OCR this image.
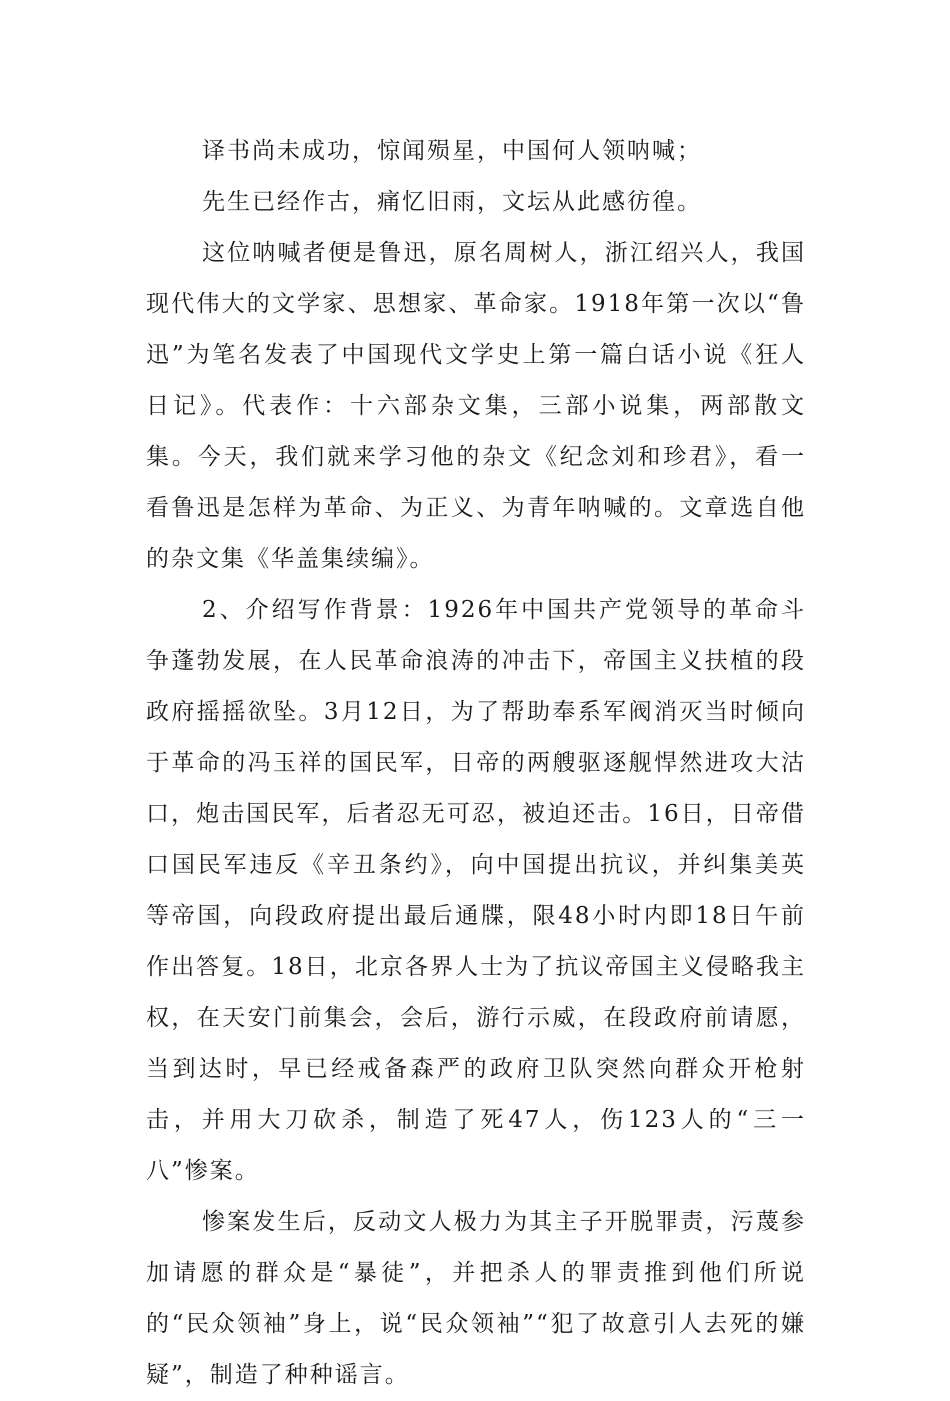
译书尚未成功，惊闻殒星，中国何人领呐喊；

先生已经作古，痛忆旧雨，文坛从此感彷徨。

这位呐喊者便是鲁迅，原名周树人，浙江绍兴人，我国现代伟大的文学家、思想家、革命家。1918年第一次以“鲁迅”为笔名发表了中国现代文学史上第一篇白话小说《狂人日记》。代表作：十六部杂文集，三部小说集，两部散文集。今天，我们就来学习他的杂文《纪念刘和珍君》，看一看鲁迅是怎样为革命、为正义、为青年呐喊的。文章选自他的杂文集《华盖集续编》。

2、介绍写作背景：1926年中国共产党领导的革命斗争蓬勃发展，在人民革命浪涛的冲击下，帝国主义扶植的段政府摇摇欲坠。3月12日，为了帮助奉系军阀消灭当时倾向于革命的冯玉祥的国民军，日帝的两艘驱逐舰悍然进攻大沽口，炮击国民军，后者忍无可忍，被迫还击。16日，日帝借口国民军违反《辛丑条约》，向中国提出抗议，并纠集美英等帝国，向段政府提出最后通牒，限48小时内即18日午前作出答复。18日，北京各界人士为了抗议帝国主义侵略我主权，在天安门前集会，会后，游行示威，在段政府前请愿，当到达时，早已经戒备森严的政府卫队突然向群众开枪射击，并用大刀砍杀，制造了死47人，伤123人的“三一八”惨案。

惨案发生后，反动文人极力为其主子开脱罪责，污蔑参加请愿的群众是“暴徒”，并把杀人的罪责推到他们所说的“民众领袖”身上，说“民众领袖”“犯了故意引人去死的嫌疑”，制造了种种谣言。
